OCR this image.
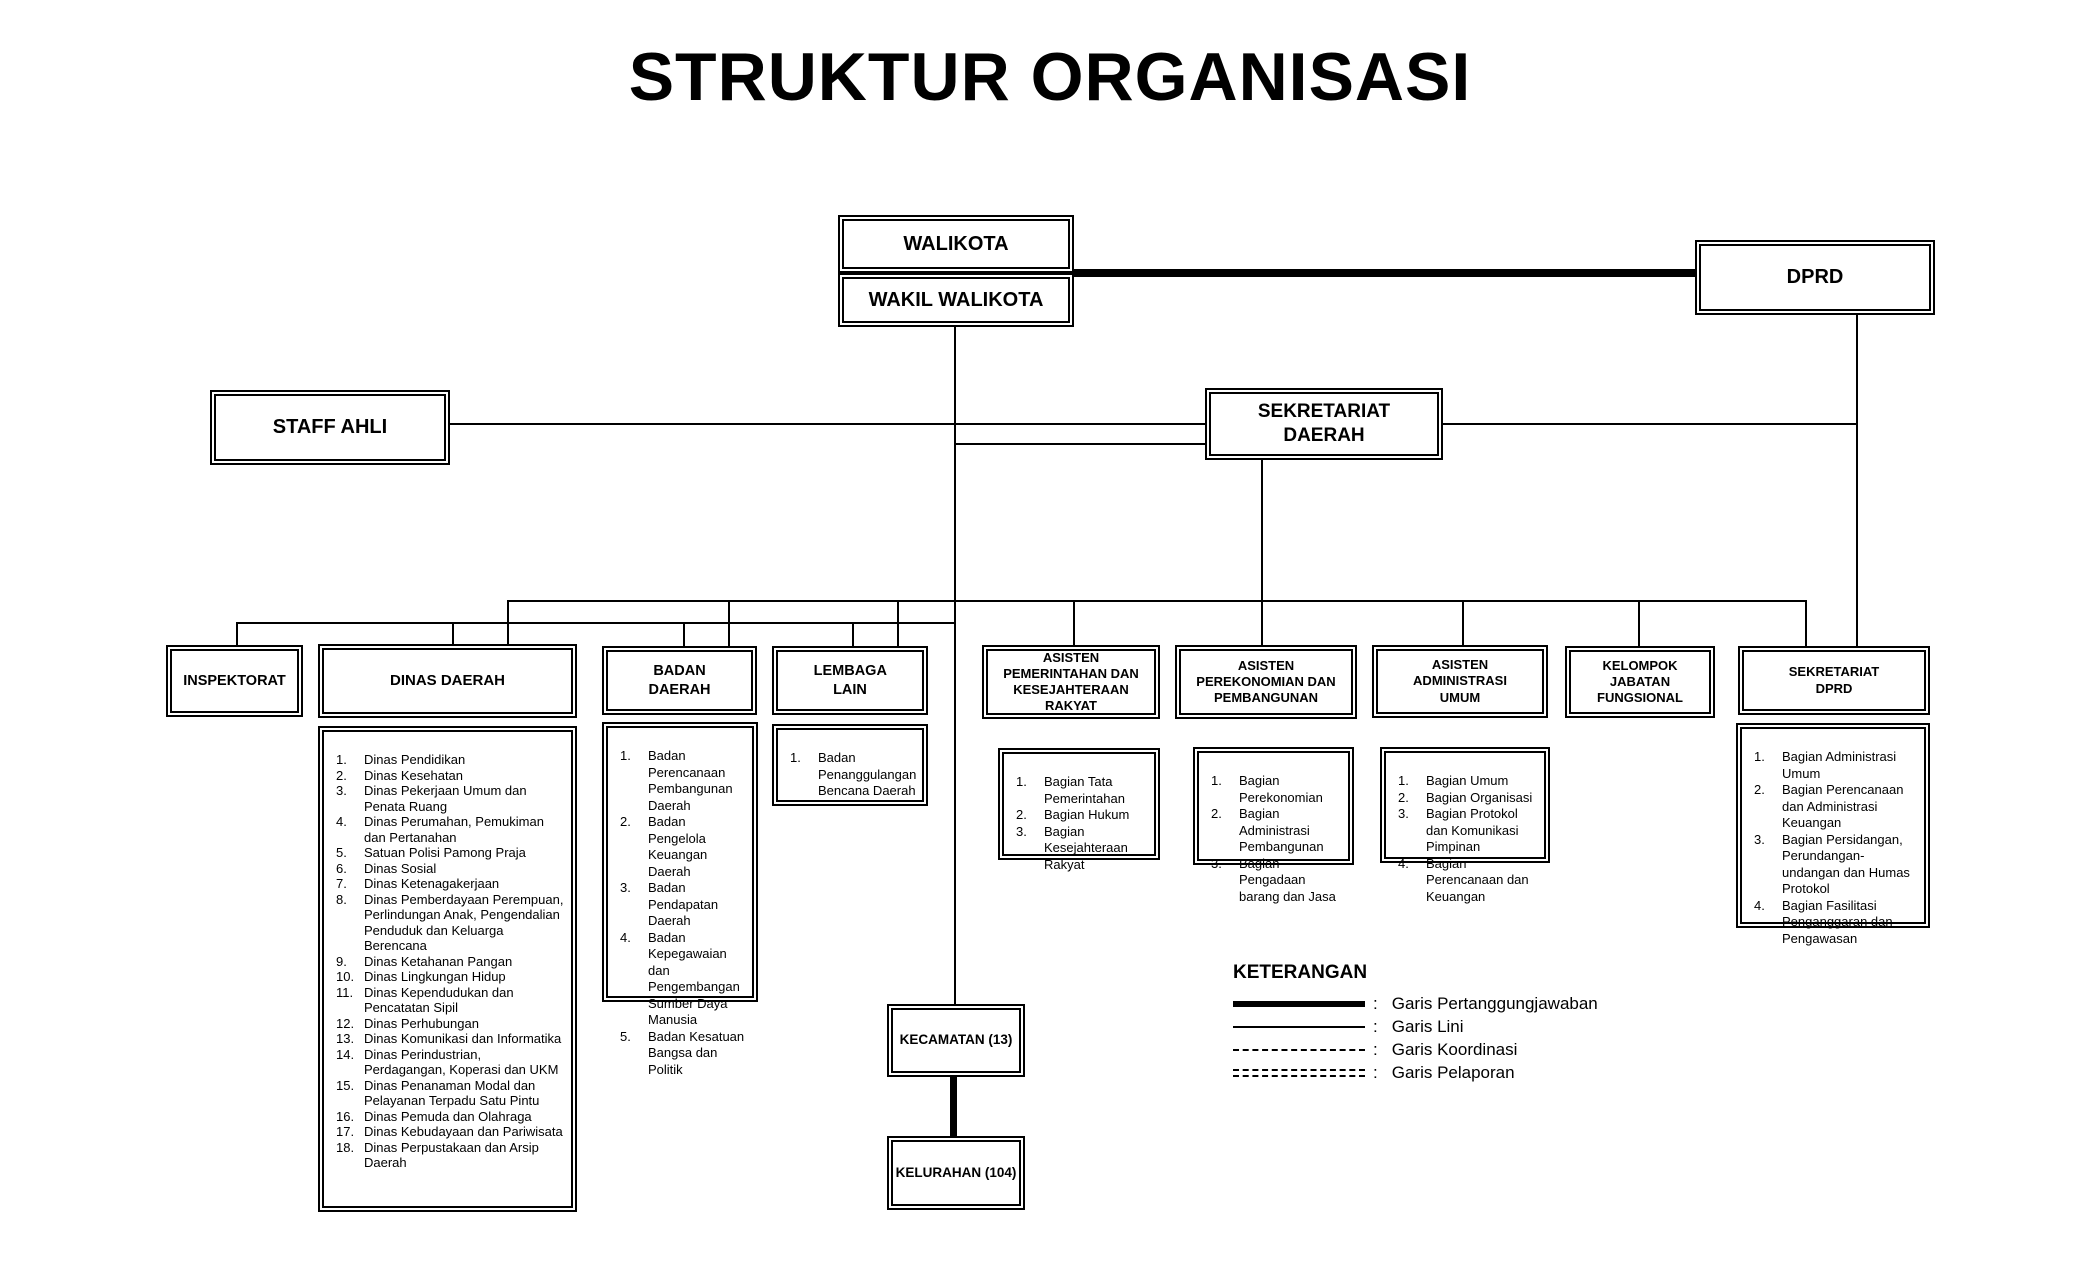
STRUKTUR ORGANISASI
WALIKOTA
WAKIL WALIKOTA
DPRD
STAFF AHLI
SEKRETARIAT DAERAH
INSPEKTORAT	DINAS DAERAH
BADAN DAERAH
LEMBAGA LAIN
ASISTEN PEMERINTAHAN DAN KESEJAHTERAAN RAKYAT
ASISTEN PEREKONOMIAN DAN PEMBANGUNAN
ASISTEN ADMINISTRASI UMUM
KELOMPOK JABATAN FUNGSIONAL
SEKRETARIAT DPRD
1.	Dinas Pendidikan
2.	Dinas Kesehatan
3.	Dinas Pekerjaan Umum dan Penata Ruang
4.	Dinas Perumahan, Pemukiman dan Pertanahan
5.	Satuan Polisi Pamong Praja
6.	Dinas Sosial
7.	Dinas Ketenagakerjaan
8.	Dinas Pemberdayaan Perempuan, Perlindungan Anak, Pengendalian Penduduk dan Keluarga Berencana
9.	Dinas Ketahanan Pangan
10. Dinas Lingkungan Hidup
11. Dinas Kependudukan dan Pencatatan Sipil
12. Dinas Perhubungan
13. Dinas Komunikasi dan Informatika
14. Dinas Perindustrian, Perdagangan, Koperasi dan UKM
15. Dinas Penanaman Modal dan Pelayanan Terpadu Satu Pintu
16. Dinas Pemuda dan Olahraga
17. Dinas Kebudayaan dan Pariwisata
18. Dinas Perpustakaan dan Arsip Daerah
1.	Badan Perencanaan Pembangunan Daerah
2.	Badan Pengelola Keuangan Daerah
3.	Badan Pendapatan Daerah
4.	Badan Kepegawaian dan Pengembangan Sumber Daya Manusia
5.	Badan Kesatuan Bangsa dan Politik
1.	Badan Penanggulangan Bencana Daerah
1.	Bagian Tata Pemerintahan
2.	Bagian Hukum
3.	Bagian Kesejahteraan Rakyat
1.	Bagian Perekonomian
2.	Bagian Administrasi Pembangunan
3.	Bagian Pengadaan barang dan Jasa
1.	Bagian Umum
2.	Bagian Organisasi
3.	Bagian Protokol dan Komunikasi Pimpinan
4.	Bagian Perencanaan dan Keuangan
1.	Bagian Administrasi Umum
2.	Bagian Perencanaan dan Administrasi Keuangan
3.	Bagian Persidangan, Perundangan-undangan dan Humas Protokol
4.	Bagian Fasilitasi Penganggaran dan Pengawasan
KECAMATAN (13)
KELURAHAN (104)
KETERANGAN
: Garis Pertanggungjawaban
: Garis Lini
: Garis Koordinasi
: Garis Pelaporan
